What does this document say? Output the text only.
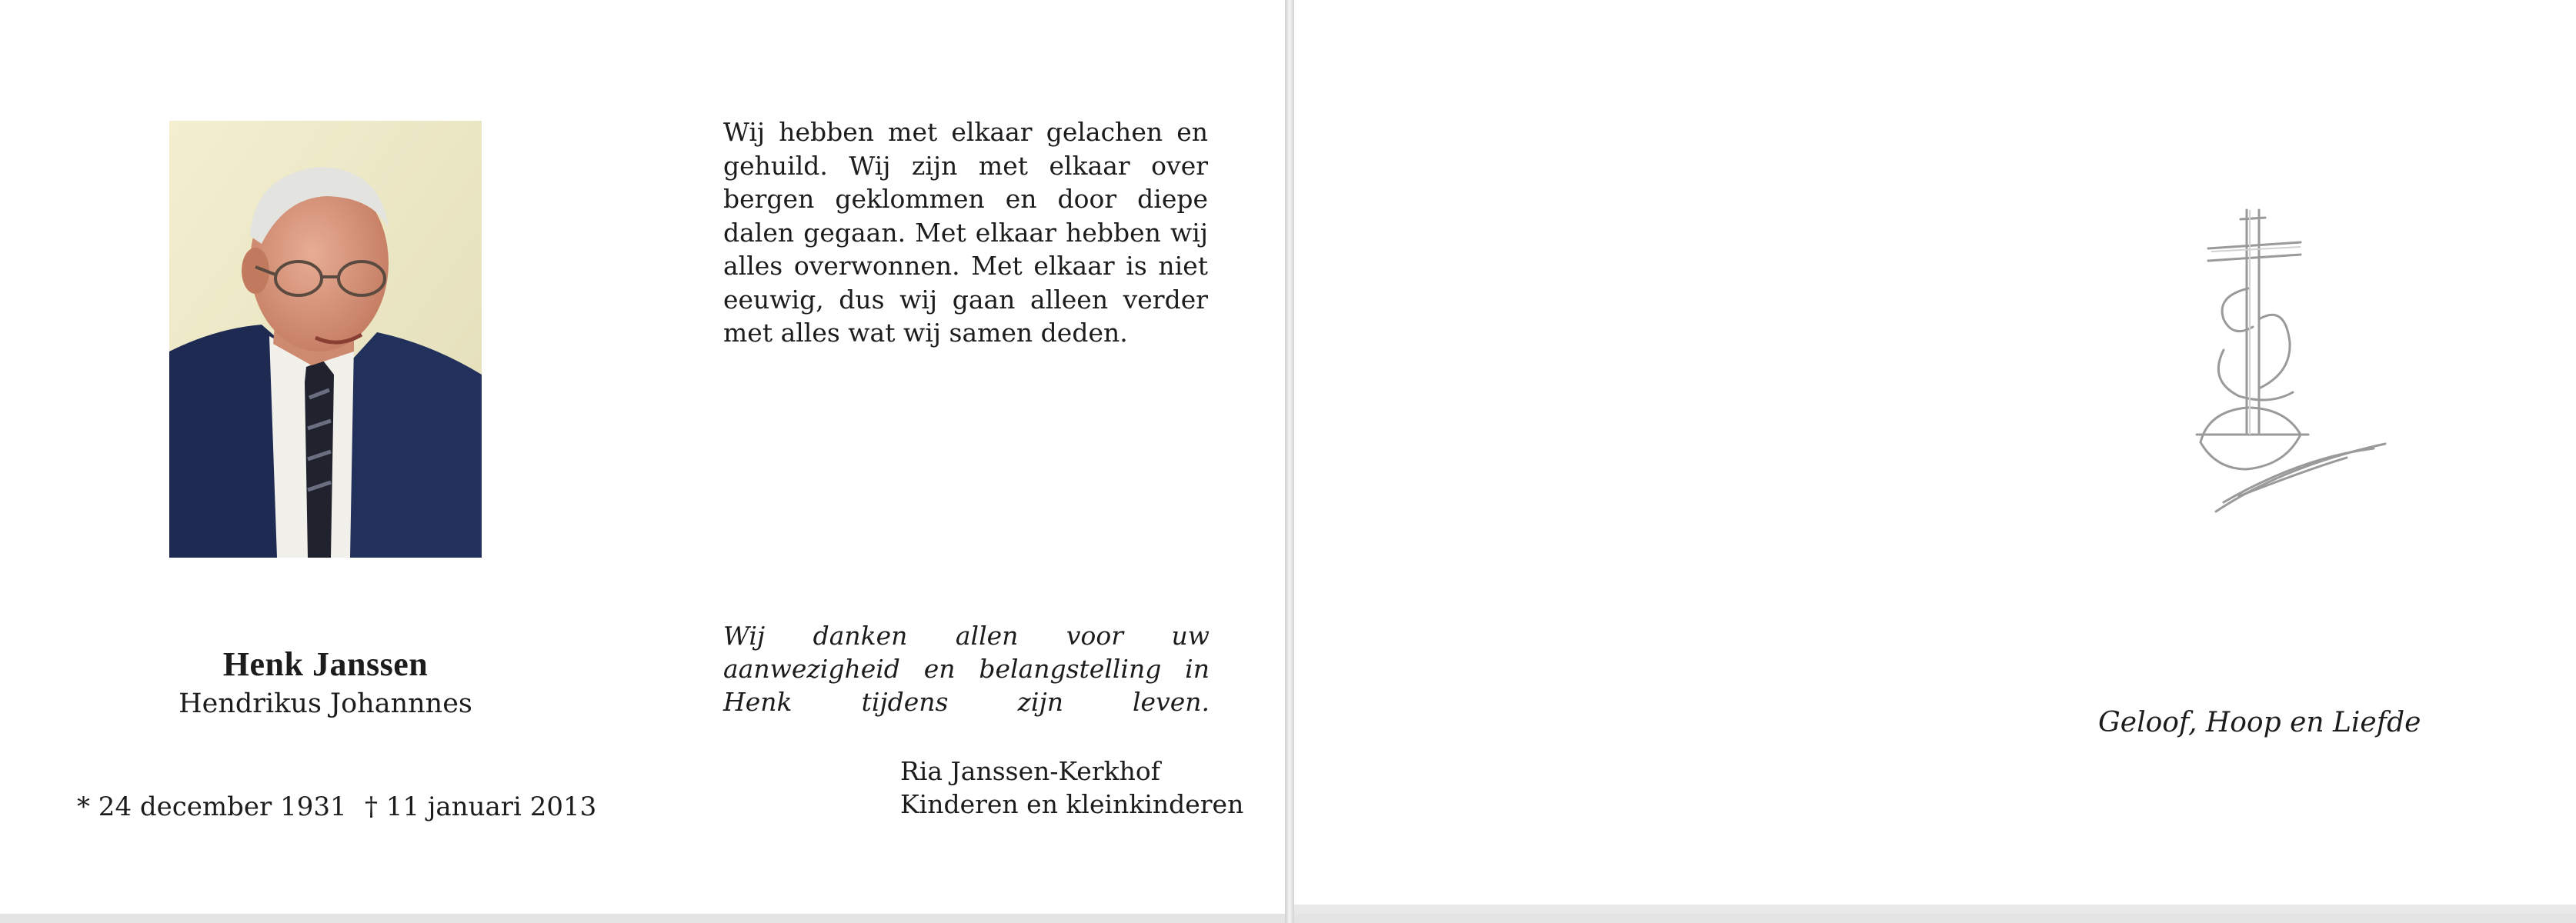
Henk Janssen
Hendrikus Johannnes
* 24 december 1931 † 11 januari 2013
Wij hebben met elkaar gelachen en gehuild. Wij zijn met elkaar over bergen geklommen en door diepe dalen gegaan. Met elkaar hebben wij alles overwonnen. Met elkaar is niet eeuwig, dus wij gaan alleen verder met alles wat wij samen deden.
Wij danken allen voor uw aanwezigheid en belangstelling in Henk tijdens zijn leven.
Ria Janssen-Kerkhof
Kinderen en kleinkinderen
Geloof, Hoop en Liefde
